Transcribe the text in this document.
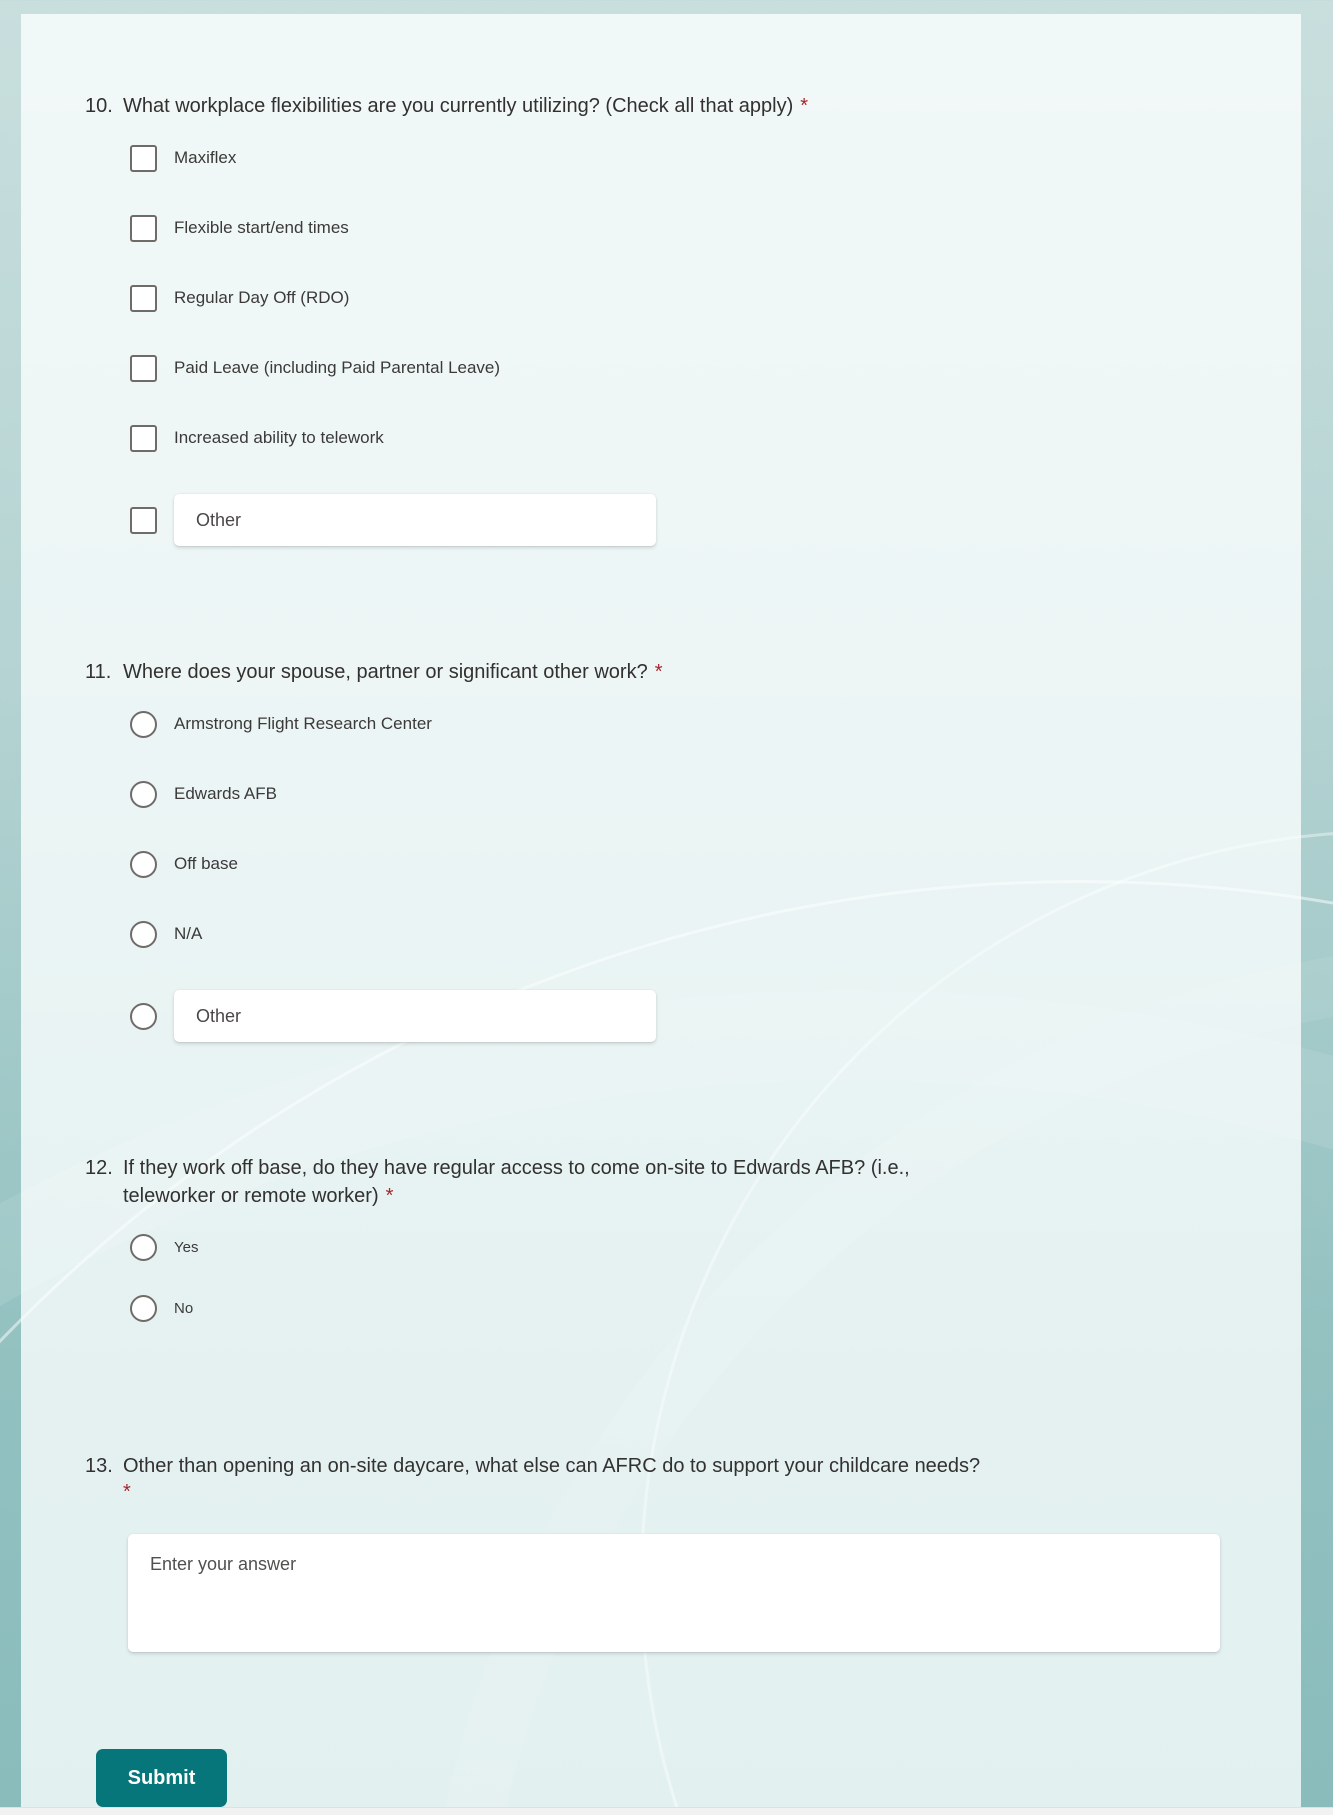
10. What workplace flexibilities are you currently utilizing? (Check all that apply) *
Maxiflex
Flexible start/end times
Regular Day Off (RDO)
Paid Leave (including Paid Parental Leave)
Increased ability to telework
Other
11. Where does your spouse, partner or significant other work? *
Armstrong Flight Research Center
Edwards AFB
Off base
N/A
Other
12. If they work off base, do they have regular access to come on-site to Edwards AFB? (i.e., teleworker or remote worker) *
Yes
No
13. Other than opening an on-site daycare, what else can AFRC do to support your childcare needs?
*
Enter your answer
Submit
